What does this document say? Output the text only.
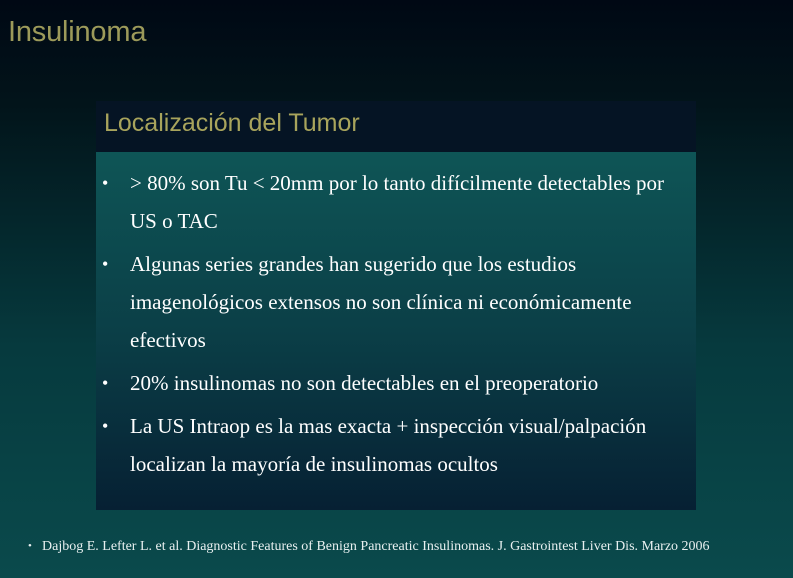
Insulinoma
Localización del Tumor
• > 80% son Tu < 20mm por lo tanto difícilmente detectables por US o TAC
• Algunas series grandes han sugerido que los estudios imagenológicos extensos no son clínica ni económicamente efectivos
• 20% insulinomas no son detectables en el preoperatorio
• La US Intraop es la mas exacta + inspección visual/palpación localizan la mayoría de insulinomas ocultos
• Dajbog E. Lefter L. et al. Diagnostic Features of Benign Pancreatic Insulinomas. J. Gastrointest Liver Dis. Marzo 2006
